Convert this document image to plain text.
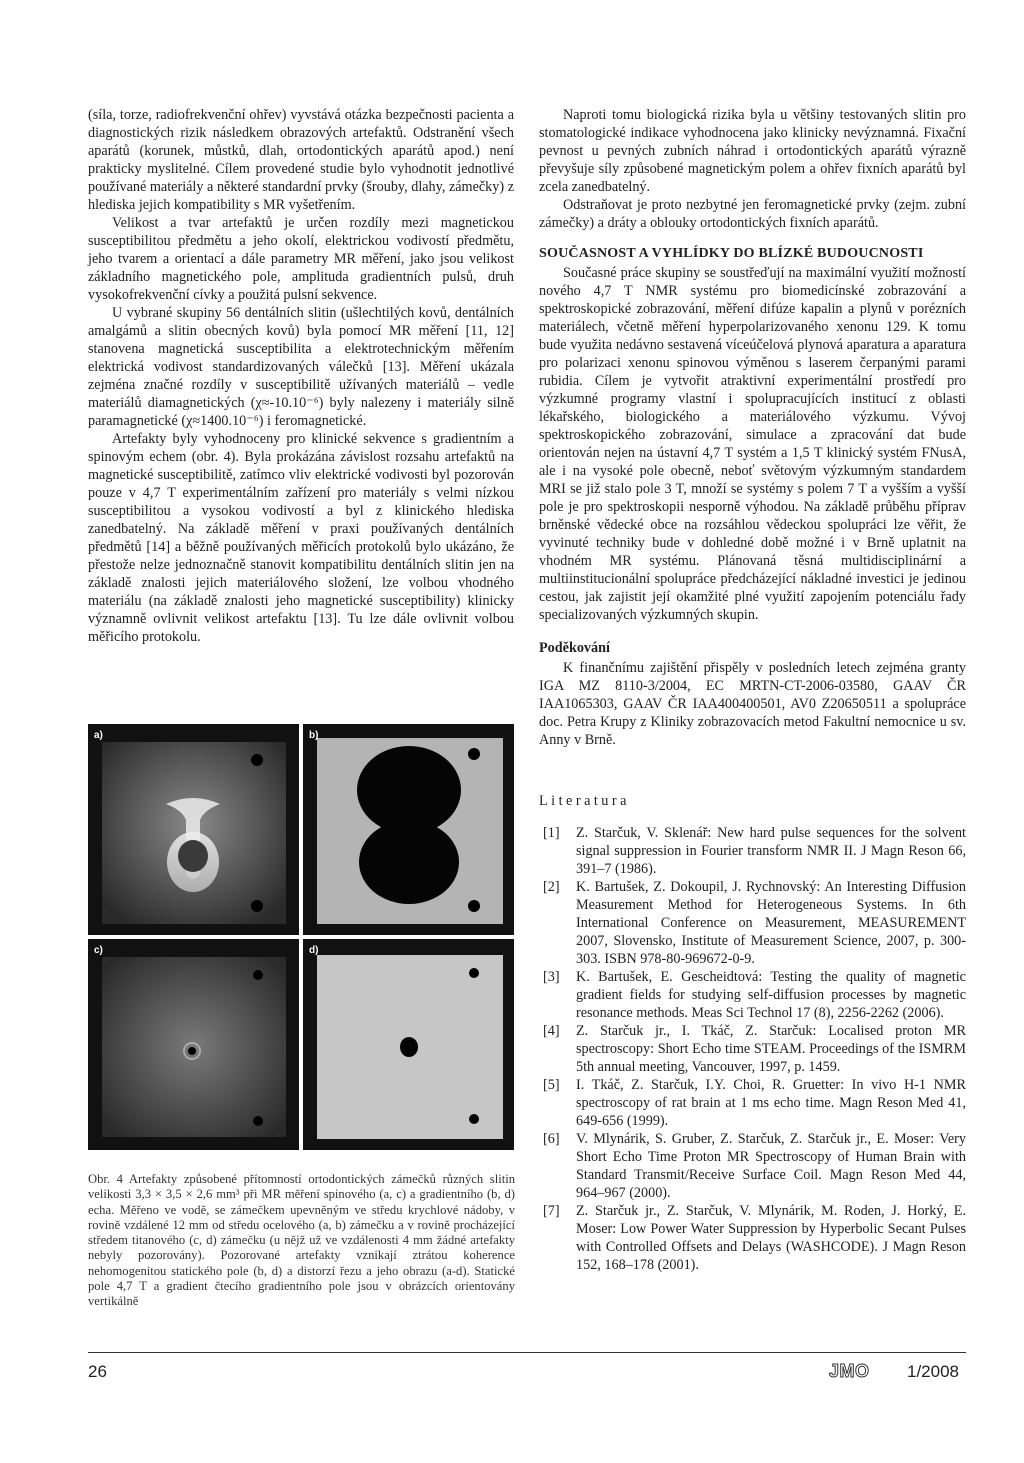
(síla, torze, radiofrekvenční ohřev) vyvstává otázka bezpečnosti pacienta a diagnostických rizik následkem obrazových artefaktů. Odstranění všech aparátů (korunek, můstků, dlah, ortodontických aparátů apod.) není prakticky myslitelné. Cílem provedené studie bylo vyhodnotit jednotlivé používané materiály a některé standardní prvky (šrouby, dlahy, zámečky) z hlediska jejich kompatibility s MR vyšetřením.

Velikost a tvar artefaktů je určen rozdíly mezi magnetickou susceptibilitou předmětu a jeho okolí, elektrickou vodivostí předmětu, jeho tvarem a orientací a dále parametry MR měření, jako jsou velikost základního magnetického pole, amplituda gradientních pulsů, druh vysokofrekvenční cívky a použitá pulsní sekvence.

U vybrané skupiny 56 dentálních slitin (ušlechtilých kovů, dentálních amalgámů a slitin obecných kovů) byla pomocí MR měření [11, 12] stanovena magnetická susceptibilita a elektrotechnickým měřením elektrická vodivost standardizovaných válečků [13]. Měření ukázala zejména značné rozdíly v susceptibilitě užívaných materiálů – vedle materiálů diamagnetických (χ≈-10.10⁻⁶) byly nalezeny i materiály silně paramagnetické (χ≈1400.10⁻⁶) i feromagnetické.

Artefakty byly vyhodnoceny pro klinické sekvence s gradientním a spinovým echem (obr. 4). Byla prokázána závislost rozsahu artefaktů na magnetické susceptibilitě, zatímco vliv elektrické vodivosti byl pozorován pouze v 4,7 T experimentálním zařízení pro materiály s velmi nízkou susceptibilitou a vysokou vodivostí a byl z klinického hlediska zanedbatelný. Na základě měření v praxi používaných dentálních předmětů [14] a běžně používaných měřicích protokolů bylo ukázáno, že přestože nelze jednoznačně stanovit kompatibilitu dentálních slitin jen na základě znalosti jejich materiálového složení, lze volbou vhodného materiálu (na základě znalosti jeho magnetické susceptibility) klinicky významně ovlivnit velikost artefaktu [13]. Tu lze dále ovlivnit volbou měřicího protokolu.

a)	b)
c)	d)
Obr. 4 Artefakty způsobené přítomností ortodontických zámečků různých slitin velikosti 3,3 × 3,5 × 2,6 mm³ při MR měření spinového (a, c) a gradientního (b, d) echa. Měřeno ve vodě, se zámečkem upevněným ve středu krychlové nádoby, v rovině vzdálené 12 mm od středu ocelového (a, b) zámečku a v rovině procházející středem titanového (c, d) zámečku (u nějž už ve vzdálenosti 4 mm žádné artefakty nebyly pozorovány). Pozorované artefakty vznikají ztrátou koherence nehomogenitou statického pole (b, d) a distorzí řezu a jeho obrazu (a-d). Statické pole 4,7 T a gradient čtecího gradientního pole jsou v obrázcích orientovány vertikálně

Naproti tomu biologická rizika byla u většiny testovaných slitin pro stomatologické indikace vyhodnocena jako klinicky nevýznamná. Fixační pevnost u pevných zubních náhrad i ortodontických aparátů výrazně převyšuje síly způsobené magnetickým polem a ohřev fixních aparátů byl zcela zanedbatelný.

Odstraňovat je proto nezbytné jen feromagnetické prvky (zejm. zubní zámečky) a dráty a oblouky ortodontických fixních aparátů.

SOUČASNOST A VYHLÍDKY DO BLÍZKÉ BUDOUCNOSTI

Současné práce skupiny se soustřeďují na maximální využití možností nového 4,7 T NMR systému pro biomedicínské zobrazování a spektroskopické zobrazování, měření difúze kapalin a plynů v porézních materiálech, včetně měření hyperpolarizovaného xenonu 129. K tomu bude využita nedávno sestavená víceúčelová plynová aparatura a aparatura pro polarizaci xenonu spinovou výměnou s laserem čerpanými parami rubidia. Cílem je vytvořit atraktivní experimentální prostředí pro výzkumné programy vlastní i spolupracujících institucí z oblasti lékařského, biologického a materiálového výzkumu. Vývoj spektroskopického zobrazování, simulace a zpracování dat bude orientován nejen na ústavní 4,7 T systém a 1,5 T klinický systém FNusA, ale i na vysoké pole obecně, neboť světovým výzkumným standardem MRI se již stalo pole 3 T, množí se systémy s polem 7 T a vyšším a vyšší pole je pro spektroskopii nesporně výhodou. Na základě průběhu příprav brněnské vědecké obce na rozsáhlou vědeckou spolupráci lze věřit, že vyvinuté techniky bude v dohledné době možné i v Brně uplatnit na vhodném MR systému. Plánovaná těsná multidisciplinární a multiinstitucionální spolupráce předcházející nákladné investici je jedinou cestou, jak zajistit její okamžité plné využití zapojením potenciálu řady specializovaných výzkumných skupin.

Poděkování

K finančnímu zajištění přispěly v posledních letech zejména granty IGA MZ 8110-3/2004, EC MRTN-CT-2006-03580, GAAV ČR IAA1065303, GAAV ČR IAA400400501, AV0 Z20650511 a spolupráce doc. Petra Krupy z Kliniky zobrazovacích metod Fakultní nemocnice u sv. Anny v Brně.

Literatura
[1]	Z. Starčuk, V. Sklenář: New hard pulse sequences for the solvent signal suppression in Fourier transform NMR II. J Magn Reson 66, 391–7 (1986).
[2]	K. Bartušek, Z. Dokoupil, J. Rychnovský: An Interesting Diffusion Measurement Method for Heterogeneous Systems. In 6th International Conference on Measurement, MEASUREMENT 2007, Slovensko, Institute of Measurement Science, 2007, p. 300-303. ISBN 978-80-969672-0-9.
[3]	K. Bartušek, E. Gescheidtová: Testing the quality of magnetic gradient fields for studying self-diffusion processes by magnetic resonance methods. Meas Sci Technol 17 (8), 2256-2262 (2006).
[4]	Z. Starčuk jr., I. Tkáč, Z. Starčuk: Localised proton MR spectroscopy: Short Echo time STEAM. Proceedings of the ISMRM 5th annual meeting, Vancouver, 1997, p. 1459.
[5]	I. Tkáč, Z. Starčuk, I.Y. Choi, R. Gruetter: In vivo H-1 NMR spectroscopy of rat brain at 1 ms echo time. Magn Reson Med 41, 649-656 (1999).
[6]	V. Mlynárik, S. Gruber, Z. Starčuk, Z. Starčuk jr., E. Moser: Very Short Echo Time Proton MR Spectroscopy of Human Brain with Standard Transmit/Receive Surface Coil. Magn Reson Med 44, 964–967 (2000).
[7]	Z. Starčuk jr., Z. Starčuk, V. Mlynárik, M. Roden, J. Horký, E. Moser: Low Power Water Suppression by Hyperbolic Secant Pulses with Controlled Offsets and Delays (WASHCODE). J Magn Reson 152, 168–178 (2001).
26	JMO 1/2008
